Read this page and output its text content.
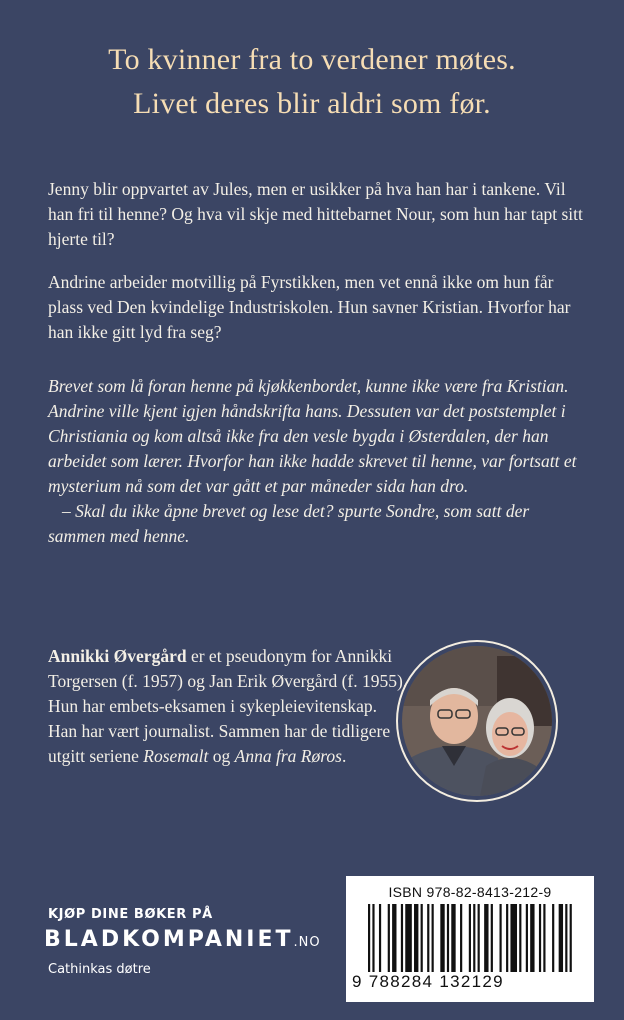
To kvinner fra to verdener møtes.
Livet deres blir aldri som før.

Jenny blir oppvartet av Jules, men er usikker på hva han har i tankene. Vil han fri til henne? Og hva vil skje med hittebarnet Nour, som hun har tapt sitt hjerte til?

Andrine arbeider motvillig på Fyrstikken, men vet ennå ikke om hun får plass ved Den kvindelige Industriskolen. Hun savner Kristian. Hvorfor har han ikke gitt lyd fra seg?

Brevet som lå foran henne på kjøkkenbordet, kunne ikke være fra Kristian. Andrine ville kjent igjen håndskrifta hans. Dessuten var det poststemplet i Christiania og kom altså ikke fra den vesle bygda i Østerdalen, der han arbeidet som lærer. Hvorfor han ikke hadde skrevet til henne, var fortsatt et mysterium nå som det var gått et par måneder sida han dro.
– Skal du ikke åpne brevet og lese det? spurte Sondre, som satt der sammen med henne.

Annikki Øvergård er et pseudonym for Annikki Torgersen (f. 1957) og Jan Erik Øvergård (f. 1955). Hun har embets-eksamen i sykepleievitenskap. Han har vært journalist. Sammen har de tidligere utgitt seriene Rosemalt og Anna fra Røros.
KJØP DINE BØKER PÅ
BLADKOMPANIET.NO
Cathinkas døtre
ISBN 978-82-8413-212-9
9 788284 132129
